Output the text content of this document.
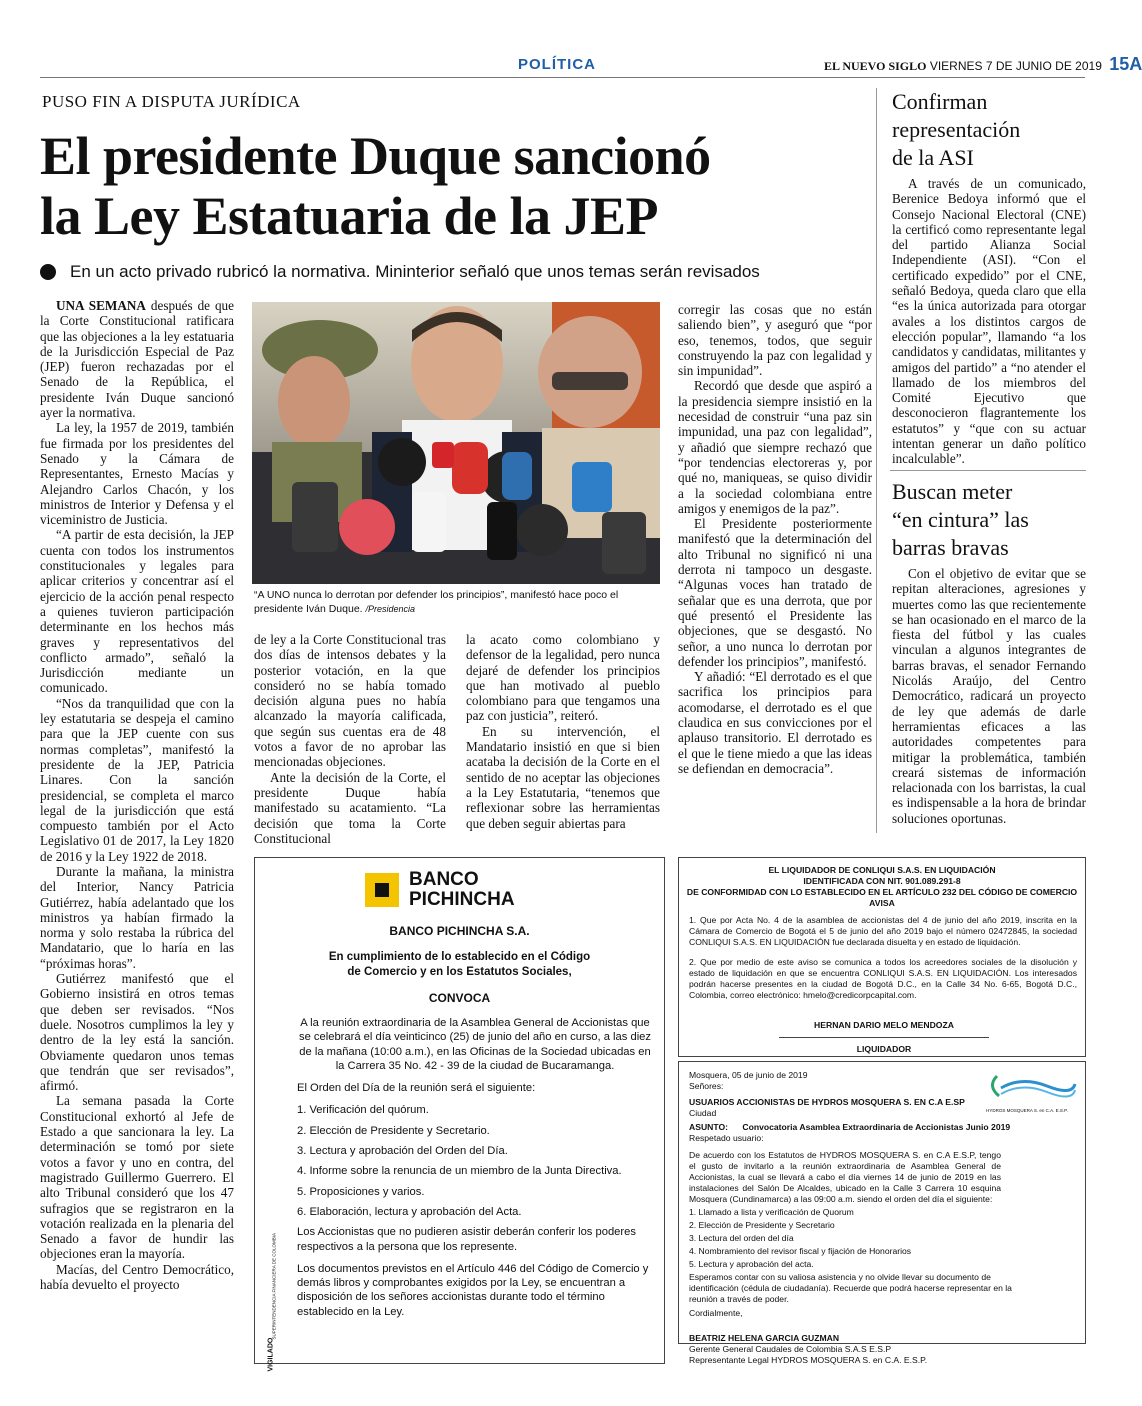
POLÍTICA	EL NUEVO SIGLO VIERNES 7 DE JUNIO DE 2019 15A
PUSO FIN A DISPUTA JURÍDICA
El presidente Duque sancionó
la Ley Estatuaria de la JEP
En un acto privado rubricó la normativa. Mininterior señaló que unos temas serán revisados

UNA SEMANA después de que la Corte Constitucional ratificara que las objeciones a la ley estatuaria de la Jurisdicción Especial de Paz (JEP) fueron rechazadas por el Senado de la República, el presidente Iván Duque sancionó ayer la normativa.

La ley, la 1957 de 2019, también fue firmada por los presidentes del Senado y la Cámara de Representantes, Ernesto Macías y Alejandro Carlos Chacón, y los ministros de Interior y Defensa y el viceministro de Justicia.

“A partir de esta decisión, la JEP cuenta con todos los instrumentos constitucionales y legales para aplicar criterios y concentrar así el ejercicio de la acción penal respecto a quienes tuvieron participación determinante en los hechos más graves y representativos del conflicto armado”, señaló la Jurisdicción mediante un comunicado.

“Nos da tranquilidad que con la ley estatutaria se despeja el camino para que la JEP cuente con sus normas completas”, manifestó la presidente de la JEP, Patricia Linares. Con la sanción presidencial, se completa el marco legal de la jurisdicción que está compuesto también por el Acto Legislativo 01 de 2017, la Ley 1820 de 2016 y la Ley 1922 de 2018.

Durante la mañana, la ministra del Interior, Nancy Patricia Gutiérrez, había adelantado que los ministros ya habían firmado la norma y solo restaba la rúbrica del Mandatario, que lo haría en las “próximas horas”.

Gutiérrez manifestó que el Gobierno insistirá en otros temas que deben ser revisados. “Nos duele. Nosotros cumplimos la ley y dentro de la ley está la sanción. Obviamente quedaron unos temas que tendrán que ser revisados”, afirmó.

La semana pasada la Corte Constitucional exhortó al Jefe de Estado a que sancionara la ley. La determinación se tomó por siete votos a favor y uno en contra, del magistrado Guillermo Guerrero. El alto Tribunal consideró que los 47 sufragios que se registraron en la votación realizada en la plenaria del Senado a favor de hundir las objeciones eran la mayoría.

Macías, del Centro Democrático, había devuelto el proyecto

“A UNO nunca lo derrotan por defender los principios”, manifestó hace poco el presidente Iván Duque. /Presidencia

de ley a la Corte Constitucional tras dos días de intensos debates y la posterior votación, en la que consideró no se había tomado decisión alguna pues no había alcanzado la mayoría calificada, que según sus cuentas era de 48 votos a favor de no aprobar las mencionadas objeciones.

Ante la decisión de la Corte, el presidente Duque había manifestado su acatamiento. “La decisión que toma la Corte Constitucional

la acato como colombiano y defensor de la legalidad, pero nunca dejaré de defender los principios que han motivado al pueblo colombiano para que tengamos una paz con justicia”, reiteró.

En su intervención, el Mandatario insistió en que si bien acataba la decisión de la Corte en el sentido de no aceptar las objeciones a la Ley Estatutaria, “tenemos que reflexionar sobre las herramientas que deben seguir abiertas para

corregir las cosas que no están saliendo bien”, y aseguró que “por eso, tenemos, todos, que seguir construyendo la paz con legalidad y sin impunidad”.

Recordó que desde que aspiró a la presidencia siempre insistió en la necesidad de construir “una paz sin impunidad, una paz con legalidad”, y añadió que siempre rechazó que “por tendencias electoreras y, por qué no, maniqueas, se quiso dividir a la sociedad colombiana entre amigos y enemigos de la paz”.

El Presidente posteriormente manifestó que la determinación del alto Tribunal no significó ni una derrota ni tampoco un desgaste. “Algunas voces han tratado de señalar que es una derrota, que por qué presentó el Presidente las objeciones, que se desgastó. No señor, a uno nunca lo derrotan por defender los principios”, manifestó.

Y añadió: “El derrotado es el que sacrifica los principios para acomodarse, el derrotado es el que claudica en sus convicciones por el aplauso transitorio. El derrotado es el que le tiene miedo a que las ideas se defiendan en democracia”.

Confirman
representación
de la ASI

A través de un comunicado, Berenice Bedoya informó que el Consejo Nacional Electoral (CNE) la certificó como representante legal del partido Alianza Social Independiente (ASI). “Con el certificado expedido” por el CNE, señaló Bedoya, queda claro que ella “es la única autorizada para otorgar avales a los distintos cargos de elección popular”, llamando “a los candidatos y candidatas, militantes y amigos del partido” a “no atender el llamado de los miembros del Comité Ejecutivo que desconocieron flagrantemente los estatutos” y “que con su actuar intentan generar un daño político incalculable”.

Buscan meter
“en cintura” las
barras bravas

Con el objetivo de evitar que se repitan alteraciones, agresiones y muertes como las que recientemente se han ocasionado en el marco de la fiesta del fútbol y las cuales vinculan a algunos integrantes de barras bravas, el senador Fernando Nicolás Araújo, del Centro Democrático, radicará un proyecto de ley que además de darle herramientas eficaces a las autoridades competentes para mitigar la problemática, también creará sistemas de información relacionada con los barristas, la cual es indispensable a la hora de brindar soluciones oportunas.

BANCO
PICHINCHA
BANCO PICHINCHA S.A.
En cumplimiento de lo establecido en el Código
de Comercio y en los Estatutos Sociales,
CONVOCA

A la reunión extraordinaria de la Asamblea General de Accionistas que se celebrará el día veinticinco (25) de junio del año en curso, a las diez de la mañana (10:00 a.m.), en las Oficinas de la Sociedad ubicadas en la Carrera 35 No. 42 - 39 de la ciudad de Bucaramanga.

El Orden del Día de la reunión será el siguiente:

1. Verificación del quórum.
2. Elección de Presidente y Secretario.
3. Lectura y aprobación del Orden del Día.
4. Informe sobre la renuncia de un miembro de la Junta Directiva.
5. Proposiciones y varios.
6. Elaboración, lectura y aprobación del Acta.

Los Accionistas que no pudieren asistir deberán conferir los poderes respectivos a la persona que los represente.

Los documentos previstos en el Artículo 446 del Código de Comercio y demás libros y comprobantes exigidos por la Ley, se encuentran a disposición de los señores accionistas durante todo el término establecido en la Ley.

VIGILADO
SUPERINTENDENCIA FINANCIERA DE COLOMBIA
EL LIQUIDADOR DE CONLIQUI S.A.S. EN LIQUIDACIÓN
IDENTIFICADA CON NIT. 901.089.291-8
DE CONFORMIDAD CON LO ESTABLECIDO EN EL ARTÍCULO 232 DEL CÓDIGO DE COMERCIO
AVISA

1. Que por Acta No. 4 de la asamblea de accionistas del 4 de junio del año 2019, inscrita en la Cámara de Comercio de Bogotá el 5 de junio del año 2019 bajo el número 02472845, la sociedad CONLIQUI S.A.S. EN LIQUIDACIÓN fue declarada disuelta y en estado de liquidación.

2. Que por medio de este aviso se comunica a todos los acreedores sociales de la disolución y estado de liquidación en que se encuentra CONLIQUI S.A.S. EN LIQUIDACIÓN. Los interesados podrán hacerse presentes en la ciudad de Bogotá D.C., en la Calle 34 No. 6-65, Bogotá D.C., Colombia, correo electrónico: hmelo@credicorpcapital.com.

HERNAN DARIO MELO MENDOZA
LIQUIDADOR
HYDROS MOSQUERA S. en C.A. E.S.P.
Mosquera, 05 de junio de 2019
Señores:
USUARIOS ACCIONISTAS DE HYDROS MOSQUERA S. EN C.A E.SP
Ciudad
ASUNTO: Convocatoria Asamblea Extraordinaria de Accionistas Junio 2019
Respetado usuario:

De acuerdo con los Estatutos de HYDROS MOSQUERA S. en C.A E.S.P, tengo el gusto de invitarlo a la reunión extraordinaria de Asamblea General de Accionistas, la cual se llevará a cabo el día viernes 14 de junio de 2019 en las instalaciones del Salón De Alcaldes, ubicado en la Calle 3 Carrera 10 esquina Mosquera (Cundinamarca) a las 09:00 a.m. siendo el orden del día el siguiente:

1. Llamado a lista y verificación de Quorum
2. Elección de Presidente y Secretario
3. Lectura del orden del día
4. Nombramiento del revisor fiscal y fijación de Honorarios
5. Lectura y aprobación del acta.

Esperamos contar con su valiosa asistencia y no olvide llevar su documento de identificación (cédula de ciudadanía). Recuerde que podrá hacerse representar en la reunión a través de poder.

Cordialmente,
BEATRIZ HELENA GARCIA GUZMAN
Gerente General Caudales de Colombia S.A.S E.S.P
Representante Legal HYDROS MOSQUERA S. en C.A. E.S.P.
